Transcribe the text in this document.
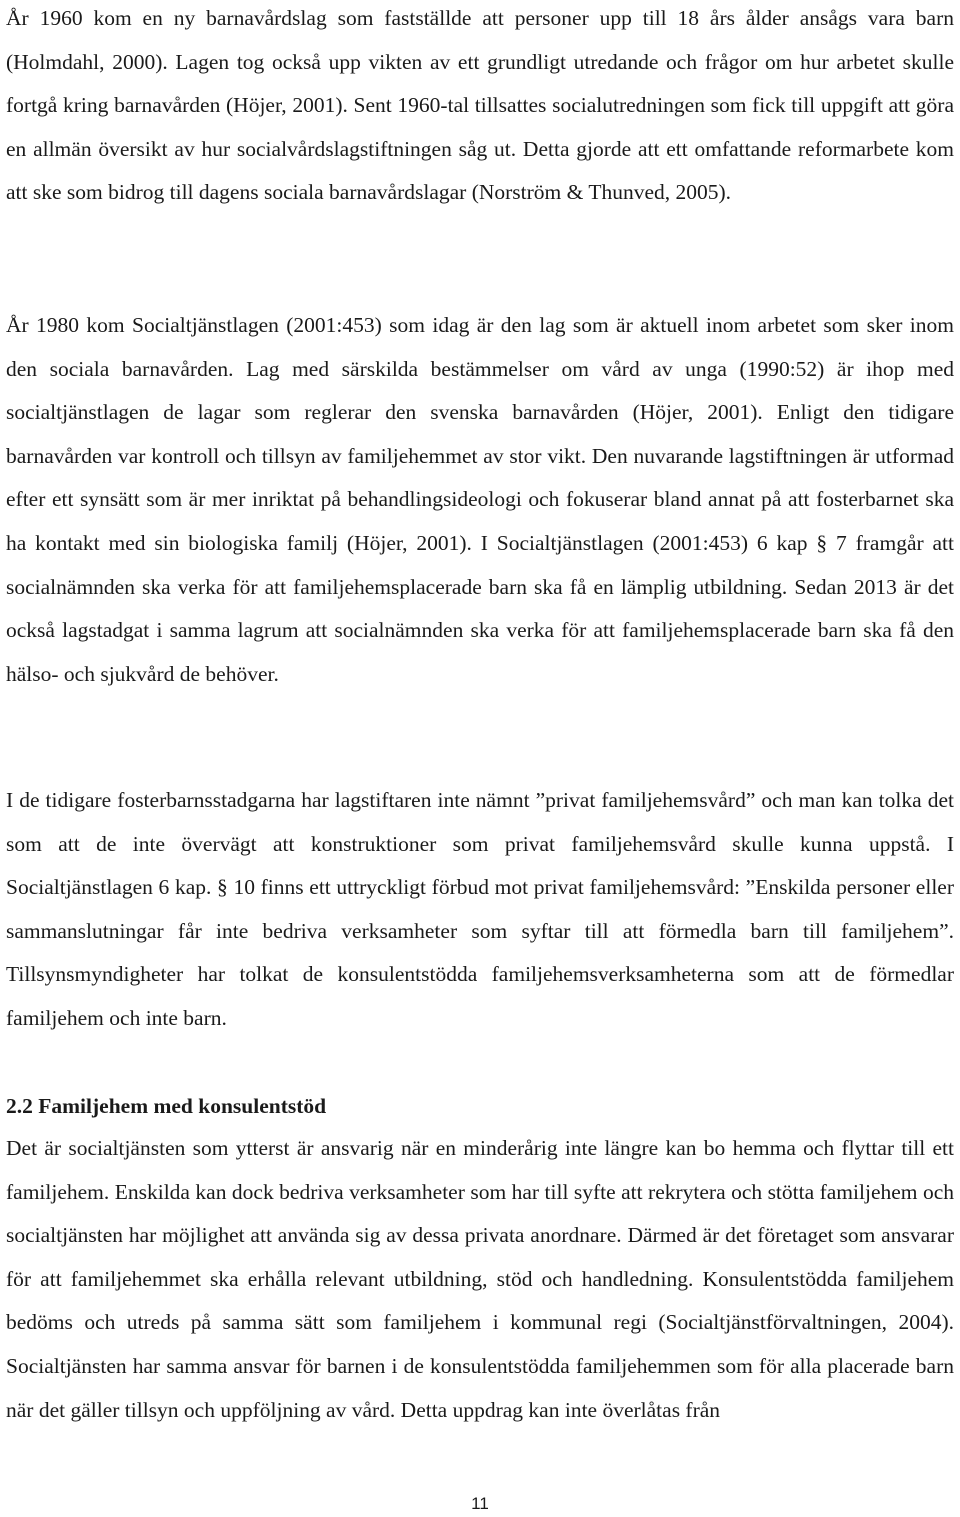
År 1960 kom en ny barnavårdslag som fastställde att personer upp till 18 års ålder ansågs vara barn (Holmdahl, 2000). Lagen tog också upp vikten av ett grundligt utredande och frågor om hur arbetet skulle fortgå kring barnavården (Höjer, 2001). Sent 1960-tal tillsattes socialutredningen som fick till uppgift att göra en allmän översikt av hur socialvårdslagstiftningen såg ut. Detta gjorde att ett omfattande reformarbete kom att ske som bidrog till dagens sociala barnavårdslagar (Norström & Thunved, 2005).

År 1980 kom Socialtjänstlagen (2001:453) som idag är den lag som är aktuell inom arbetet som sker inom den sociala barnavården. Lag med särskilda bestämmelser om vård av unga (1990:52) är ihop med socialtjänstlagen de lagar som reglerar den svenska barnavården (Höjer, 2001). Enligt den tidigare barnavården var kontroll och tillsyn av familjehemmet av stor vikt. Den nuvarande lagstiftningen är utformad efter ett synsätt som är mer inriktat på behandlingsideologi och fokuserar bland annat på att fosterbarnet ska ha kontakt med sin biologiska familj (Höjer, 2001). I Socialtjänstlagen (2001:453) 6 kap § 7 framgår att socialnämnden ska verka för att familjehemsplacerade barn ska få en lämplig utbildning. Sedan 2013 är det också lagstadgat i samma lagrum att socialnämnden ska verka för att familjehemsplacerade barn ska få den hälso- och sjukvård de behöver.

I de tidigare fosterbarnsstadgarna har lagstiftaren inte nämnt ”privat familjehemsvård” och man kan tolka det som att de inte övervägt att konstruktioner som privat familjehemsvård skulle kunna uppstå. I Socialtjänstlagen 6 kap. § 10 finns ett uttryckligt förbud mot privat familjehemsvård: ”Enskilda personer eller sammanslutningar får inte bedriva verksamheter som syftar till att förmedla barn till familjehem”. Tillsynsmyndigheter har tolkat de konsulentstödda familjehemsverksamheterna som att de förmedlar familjehem och inte barn.

2.2 Familjehem med konsulentstöd

Det är socialtjänsten som ytterst är ansvarig när en minderårig inte längre kan bo hemma och flyttar till ett familjehem. Enskilda kan dock bedriva verksamheter som har till syfte att rekrytera och stötta familjehem och socialtjänsten har möjlighet att använda sig av dessa privata anordnare. Därmed är det företaget som ansvarar för att familjehemmet ska erhålla relevant utbildning, stöd och handledning. Konsulentstödda familjehem bedöms och utreds på samma sätt som familjehem i kommunal regi (Socialtjänstförvaltningen, 2004). Socialtjänsten har samma ansvar för barnen i de konsulentstödda familjehemmen som för alla placerade barn när det gäller tillsyn och uppföljning av vård. Detta uppdrag kan inte överlåtas från

11
